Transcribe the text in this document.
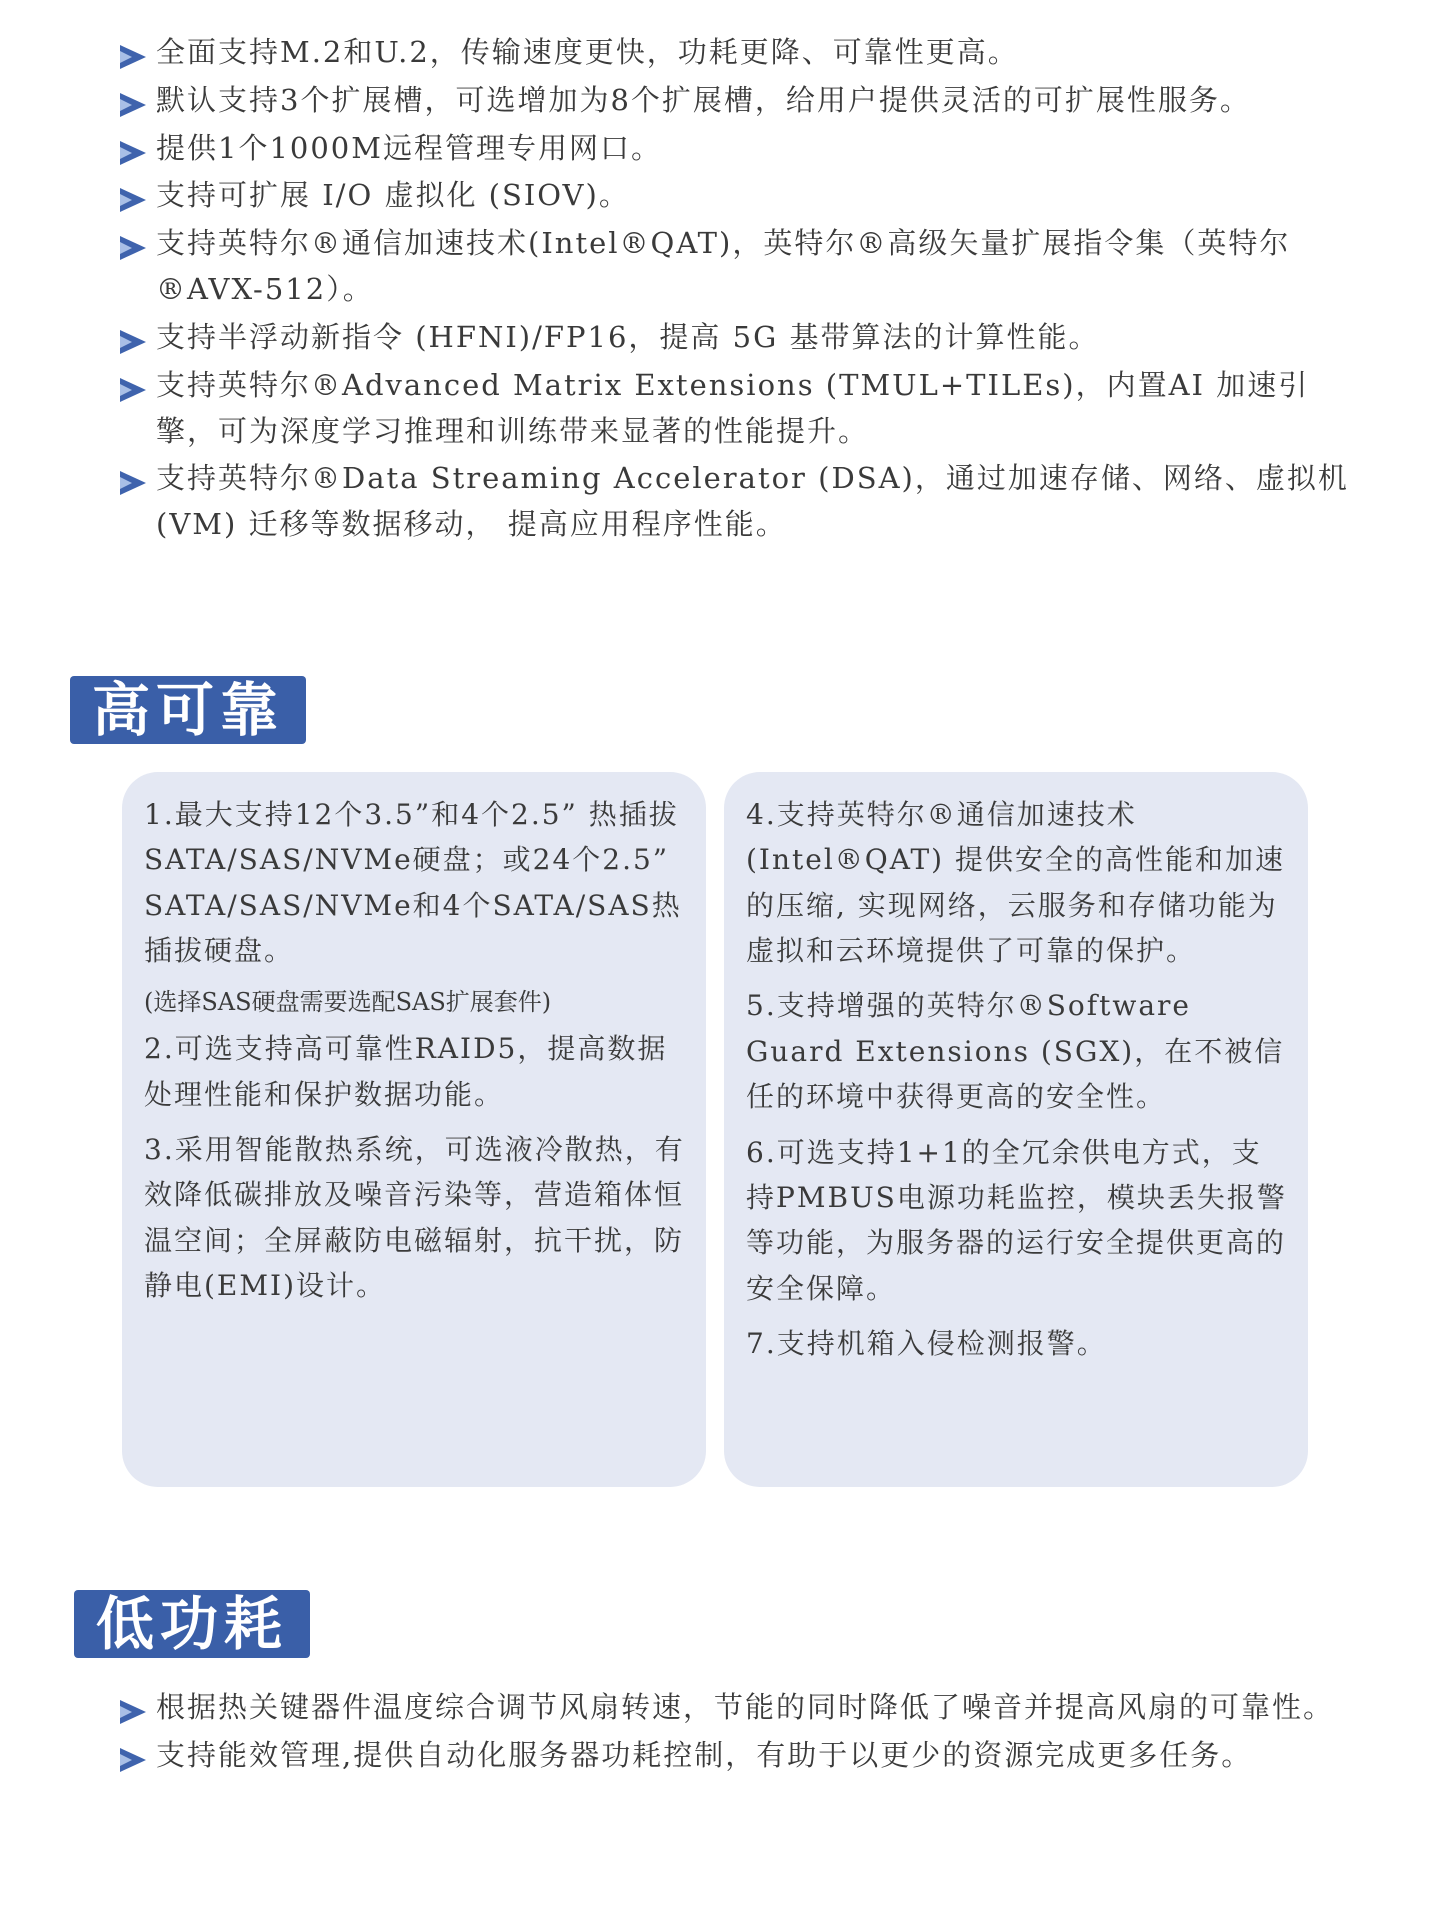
全面支持M.2和U.2，传输速度更快，功耗更降、可靠性更高。
默认支持3个扩展槽，可选增加为8个扩展槽，给用户提供灵活的可扩展性服务。
提供1个1000M远程管理专用网口。
支持可扩展 I/O 虚拟化 (SIOV)。
支持英特尔®通信加速技术(Intel®QAT)，英特尔®高级矢量扩展指令集（英特尔®AVX-512）。
支持半浮动新指令 (HFNI)/FP16，提高 5G 基带算法的计算性能。
支持英特尔®Advanced Matrix Extensions (TMUL+TILEs)，内置AI 加速引擎，可为深度学习推理和训练带来显著的性能提升。
支持英特尔®Data Streaming Accelerator (DSA)，通过加速存储、网络、虚拟机 (VM) 迁移等数据移动， 提高应用程序性能。
高可靠

1.最大支持12个3.5”和4个2.5” 热插拔SATA/SAS/NVMe硬盘；或24个2.5” SATA/SAS/NVMe和4个SATA/SAS热插拔硬盘。

(选择SAS硬盘需要选配SAS扩展套件)

2.可选支持高可靠性RAID5，提高数据处理性能和保护数据功能。

3.采用智能散热系统，可选液冷散热，有效降低碳排放及噪音污染等，营造箱体恒温空间；全屏蔽防电磁辐射，抗干扰，防静电(EMI)设计。

4.支持英特尔®通信加速技术(Intel®QAT) 提供安全的高性能和加速的压缩, 实现网络，云服务和存储功能为虚拟和云环境提供了可靠的保护。

5.支持增强的英特尔®Software Guard Extensions (SGX)，在不被信任的环境中获得更高的安全性。

6.可选支持1+1的全冗余供电方式，支持PMBUS电源功耗监控，模块丢失报警等功能，为服务器的运行安全提供更高的安全保障。

7.支持机箱入侵检测报警。

低功耗
根据热关键器件温度综合调节风扇转速，节能的同时降低了噪音并提高风扇的可靠性。
支持能效管理,提供自动化服务器功耗控制，有助于以更少的资源完成更多任务。
